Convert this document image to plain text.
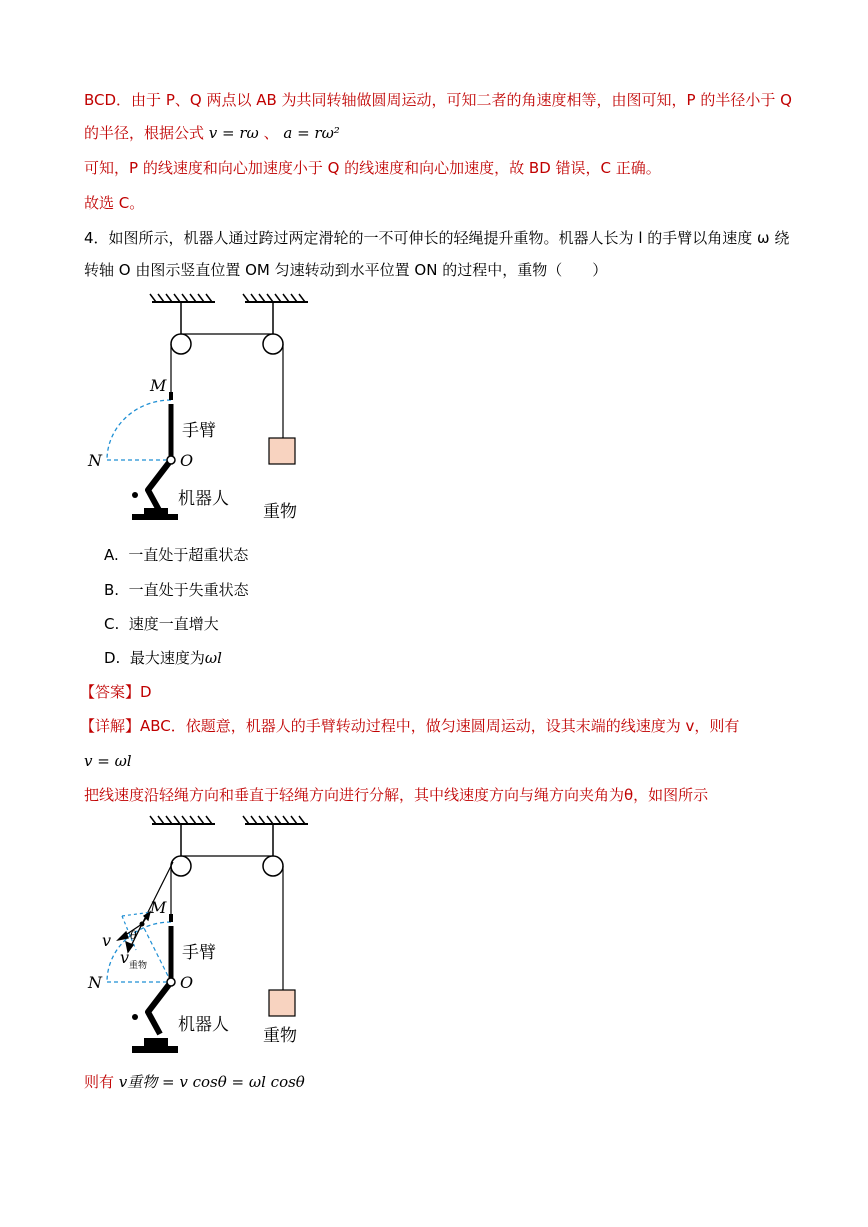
BCD．由于 P、Q 两点以 AB 为共同转轴做圆周运动，可知二者的角速度相等，由图可知，P 的半径小于 Q
的半径，根据公式 v = rω 、 a = rω²
可知，P 的线速度和向心加速度小于 Q 的线速度和向心加速度，故 BD 错误，C 正确。
故选 C。
4．如图所示，机器人通过跨过两定滑轮的一不可伸长的轻绳提升重物。机器人长为 l 的手臂以角速度 ω 绕
转轴 O 由图示竖直位置 OM 匀速转动到水平位置 ON 的过程中，重物（　　）
M
N	O
手臂
机器人
重物
A. 一直处于超重状态
B. 一直处于失重状态
C. 速度一直增大
D. 最大速度为ωl
【答案】D
【详解】ABC．依题意，机器人的手臂转动过程中，做匀速圆周运动，设其末端的线速度为 v，则有
v = ωl
把线速度沿轻绳方向和垂直于轻绳方向进行分解，其中线速度方向与绳方向夹角为θ，如图所示
M
v θ
v 重物
N	O
手臂
机器人
重物
则有 v重物 = v cosθ = ωl cosθ
